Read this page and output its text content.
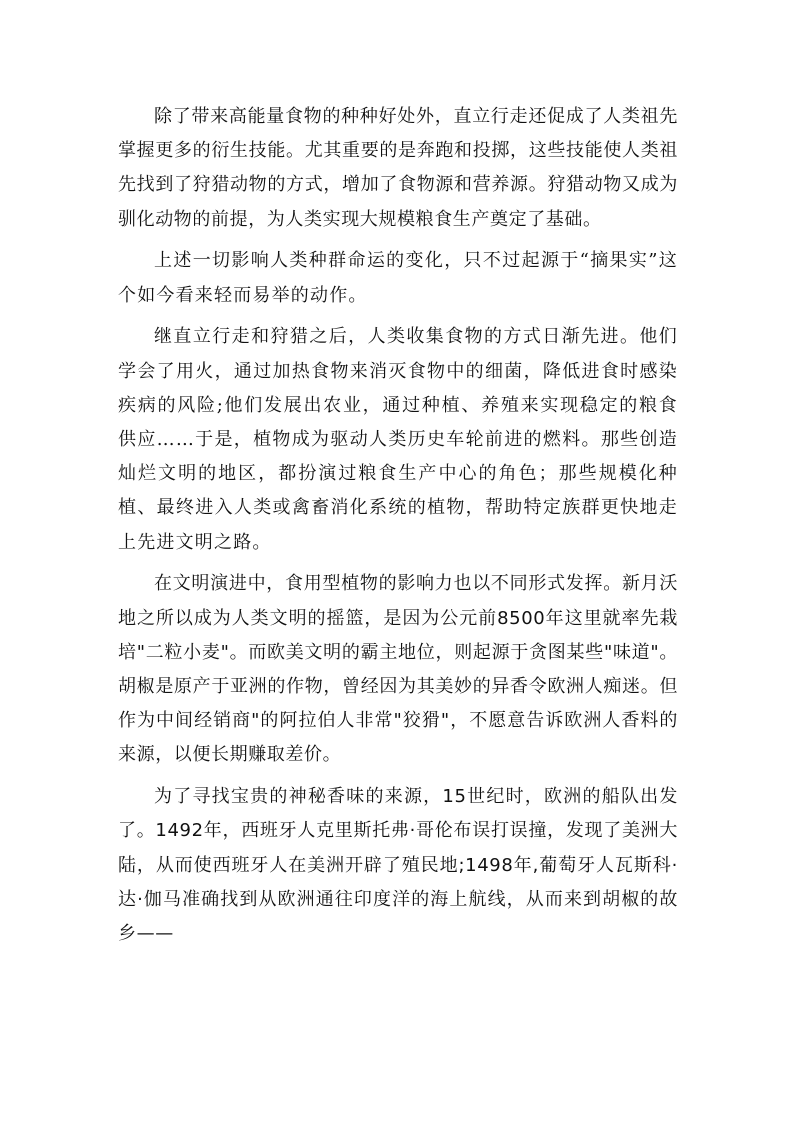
除了带来高能量食物的种种好处外，直立行走还促成了人类祖先掌握更多的衍生技能。尤其重要的是奔跑和投掷，这些技能使人类祖先找到了狩猎动物的方式，增加了食物源和营养源。狩猎动物又成为驯化动物的前提，为人类实现大规模粮食生产奠定了基础。

上述一切影响人类种群命运的变化，只不过起源于“摘果实”这个如今看来轻而易举的动作。

继直立行走和狩猎之后，人类收集食物的方式日渐先进。他们学会了用火，通过加热食物来消灭食物中的细菌，降低进食时感染疾病的风险;他们发展出农业，通过种植、养殖来实现稳定的粮食供应……于是，植物成为驱动人类历史车轮前进的燃料。那些创造灿烂文明的地区，都扮演过粮食生产中心的角色；那些规模化种植、最终进入人类或禽畜消化系统的植物，帮助特定族群更快地走上先进文明之路。

在文明演进中，食用型植物的影响力也以不同形式发挥。新月沃地之所以成为人类文明的摇篮，是因为公元前8500年这里就率先栽培"二粒小麦"。而欧美文明的霸主地位，则起源于贪图某些"味道"。胡椒是原产于亚洲的作物，曾经因为其美妙的异香令欧洲人痴迷。但作为中间经销商"的阿拉伯人非常"狡猾"，不愿意告诉欧洲人香料的来源，以便长期赚取差价。

为了寻找宝贵的神秘香味的来源，15世纪时，欧洲的船队出发了。1492年，西班牙人克里斯托弗·哥伦布误打误撞，发现了美洲大陆，从而使西班牙人在美洲开辟了殖民地;1498年,葡萄牙人瓦斯科·达·伽马准确找到从欧洲通往印度洋的海上航线，从而来到胡椒的故乡——
